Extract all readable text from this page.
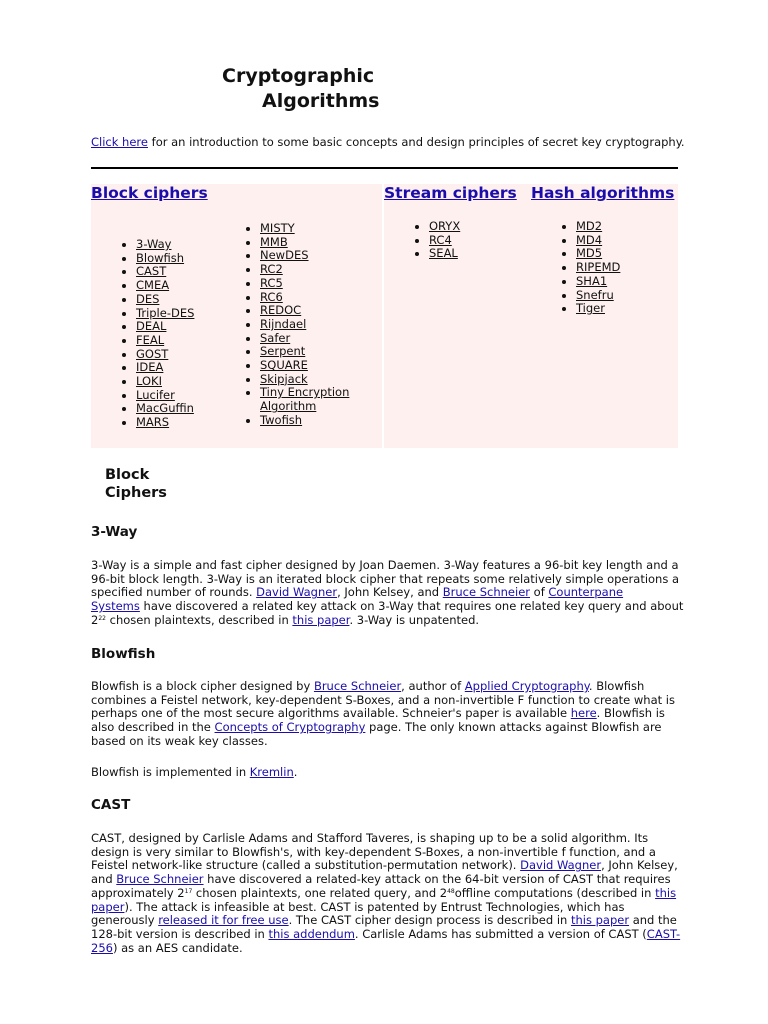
Cryptographic
Algorithms
Click here for an introduction to some basic concepts and design principles of secret key cryptography.
Block ciphers	Stream ciphers Hash algorithms
• 3-Way
• Blowfish
• CAST
• CMEA
• DES
• Triple-DES
• DEAL
• FEAL
• GOST
• IDEA
• LOKI
• Lucifer
• MacGuffin
• MARS
• MISTY
• MMB
• NewDES
• RC2
• RC5
• RC6
• REDOC
• Rijndael
• Safer
• Serpent
• SQUARE
• Skipjack
• Tiny Encryption
Algorithm
• Twofish
• ORYX
• RC4
• SEAL
• MD2
• MD4
• MD5
• RIPEMD
• SHA1
• Snefru
• Tiger
Block
Ciphers
3-Way
3-Way is a simple and fast cipher designed by Joan Daemen. 3-Way features a 96-bit key length and a
96-bit block length. 3-Way is an iterated block cipher that repeats some relatively simple operations a
specified number of rounds. David Wagner, John Kelsey, and Bruce Schneier of Counterpane
Systems have discovered a related key attack on 3-Way that requires one related key query and about
$2^{22}$ chosen plaintexts, described in this paper. 3-Way is unpatented.
Blowfish
Blowfish is a block cipher designed by Bruce Schneier, author of Applied Cryptography. Blowfish
combines a Feistel network, key-dependent S-Boxes, and a non-invertible F function to create what is
perhaps one of the most secure algorithms available. Schneier's paper is available here. Blowfish is
also described in the Concepts of Cryptography page. The only known attacks against Blowfish are
based on its weak key classes.
Blowfish is implemented in Kremlin.
CAST
CAST, designed by Carlisle Adams and Stafford Taveres, is shaping up to be a solid algorithm. Its
design is very similar to Blowfish's, with key-dependent S-Boxes, a non-invertible f function, and a
Feistel network-like structure (called a substitution-permutation network). David Wagner, John Kelsey,
and Bruce Schneier have discovered a related-key attack on the 64-bit version of CAST that requires
approximately $2^{17}$ chosen plaintexts, one related query, and $2^{48}offline$ computations (described in this
paper). The attack is infeasible at best. CAST is patented by Entrust Technologies, which has
generously released it for free use. The CAST cipher design process is described in this paper and the
128-bit version is described in this addendum. Carlisle Adams has submitted a version of CAST (CAST-
256) as an AES candidate.
